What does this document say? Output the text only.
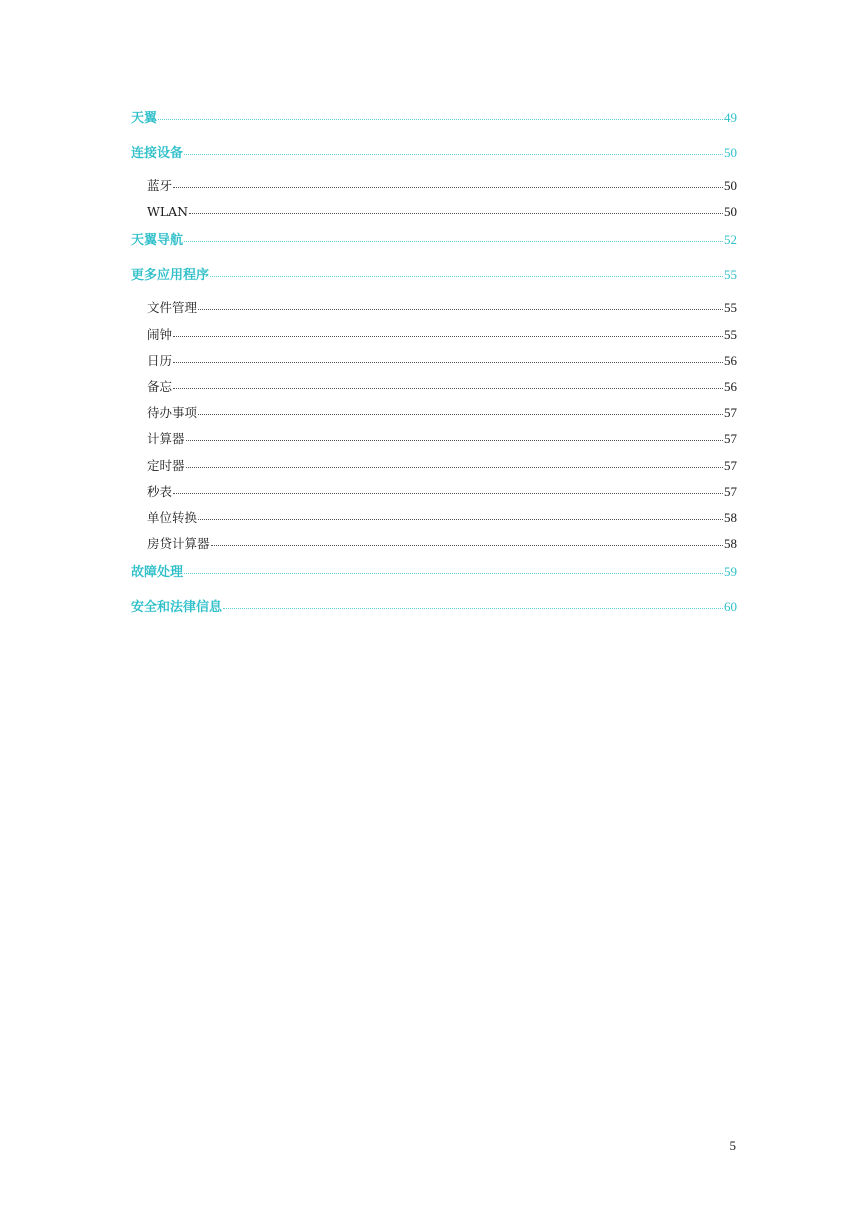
天翼	49
连接设备	50
蓝牙	50
WLAN	50
天翼导航	52
更多应用程序	55
文件管理	55
闹钟	55
日历	56
备忘	56
待办事项	57
计算器	57
定时器	57
秒表	57
单位转换	58
房贷计算器	58
故障处理	59
安全和法律信息	60
5
